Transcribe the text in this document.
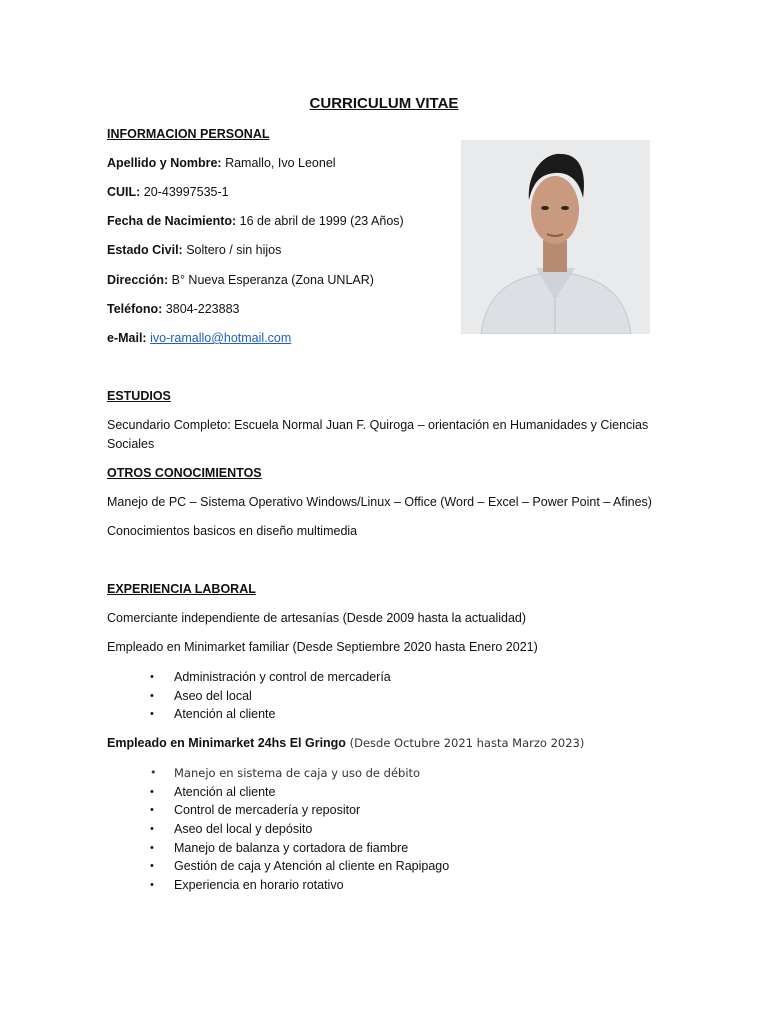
CURRICULUM VITAE
INFORMACION PERSONAL
Apellido y Nombre: Ramallo, Ivo Leonel
CUIL: 20-43997535-1
Fecha de Nacimiento: 16 de abril de 1999 (23 Años)
Estado Civil: Soltero / sin hijos
Dirección: B° Nueva Esperanza (Zona UNLAR)
Teléfono: 3804-223883
e-Mail: ivo-ramallo@hotmail.com
ESTUDIOS
Secundario Completo: Escuela Normal Juan F. Quiroga – orientación en Humanidades y Ciencias
Sociales
OTROS CONOCIMIENTOS
Manejo de PC – Sistema Operativo Windows/Linux – Office (Word – Excel – Power Point – Afines)
Conocimientos basicos en diseño multimedia
EXPERIENCIA LABORAL
Comerciante independiente de artesanías (Desde 2009 hasta la actualidad)
Empleado en Minimarket familiar (Desde Septiembre 2020 hasta Enero 2021)
• Administración y control de mercadería
• Aseo del local
• Atención al cliente
Empleado en Minimarket 24hs El Gringo (Desde Octubre 2021 hasta Marzo 2023)
• Manejo en sistema de caja y uso de débito
• Atención al cliente
• Control de mercadería y repositor
• Aseo del local y depósito
• Manejo de balanza y cortadora de fiambre
• Gestión de caja y Atención al cliente en Rapipago
• Experiencia en horario rotativo
